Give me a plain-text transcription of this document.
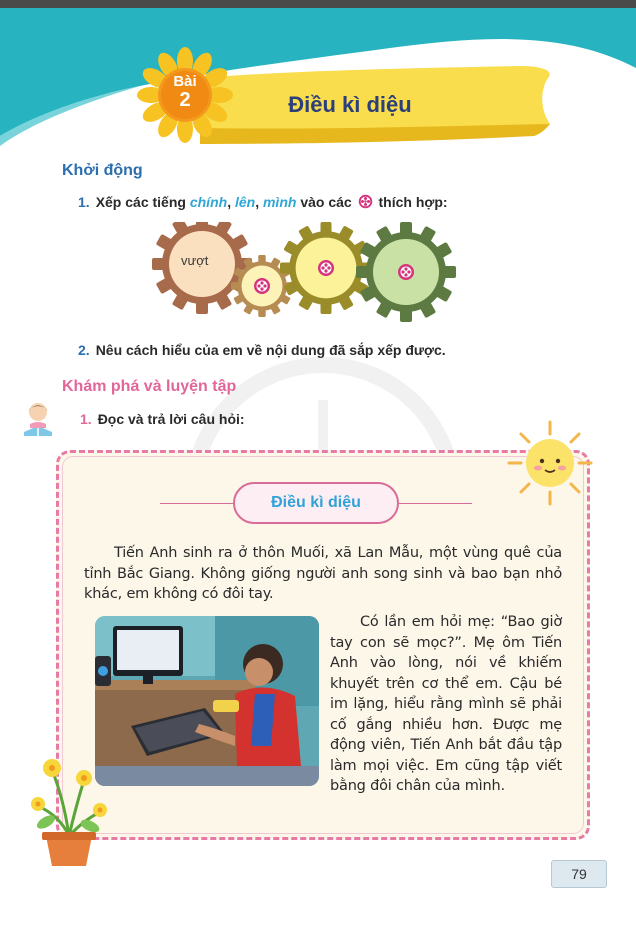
Bài
2	Điều kì diệu
Khởi động
1. Xếp các tiếng chính, lên, mình vào các thích hợp:
vượt
2. Nêu cách hiểu của em về nội dung đã sắp xếp được.
Khám phá và luyện tập
1. Đọc và trả lời câu hỏi:
Điều kì diệu
Tiến Anh sinh ra ở thôn Muối, xã Lan Mẫu, một vùng quê của tỉnh Bắc Giang. Không giống người anh song sinh và bao bạn nhỏ khác, em không có đôi tay.
Có lần em hỏi mẹ: “Bao giờ tay con sẽ mọc?”. Mẹ ôm Tiến Anh vào lòng, nói về khiếm khuyết trên cơ thể em. Cậu bé im lặng, hiểu rằng mình sẽ phải cố gắng nhiều hơn. Được mẹ động viên, Tiến Anh bắt đầu tập làm mọi việc. Em cũng tập viết bằng đôi chân của mình.
79
